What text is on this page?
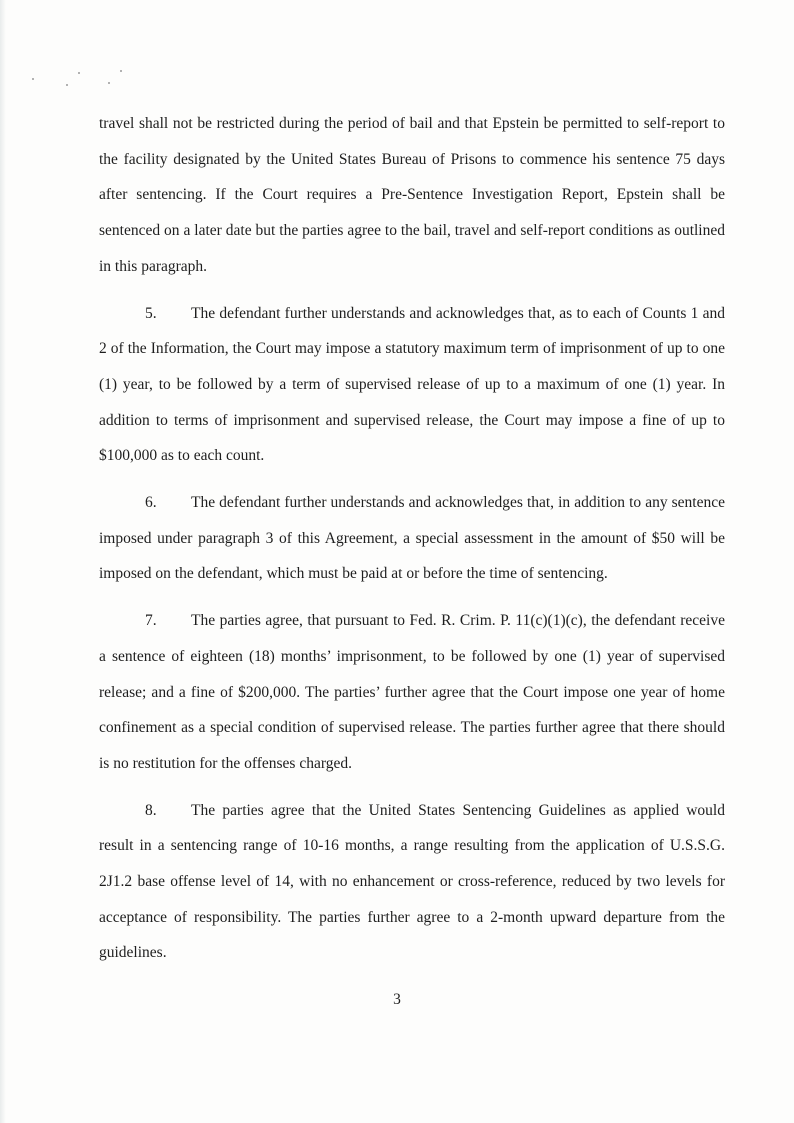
travel shall not be restricted during the period of bail and that Epstein be permitted to self-report to the facility designated by the United States Bureau of Prisons to commence his sentence 75 days after sentencing. If the Court requires a Pre-Sentence Investigation Report, Epstein shall be sentenced on a later date but the parties agree to the bail, travel and self-report conditions as outlined in this paragraph.

5. The defendant further understands and acknowledges that, as to each of Counts 1 and 2 of the Information, the Court may impose a statutory maximum term of imprisonment of up to one (1) year, to be followed by a term of supervised release of up to a maximum of one (1) year. In addition to terms of imprisonment and supervised release, the Court may impose a fine of up to $100,000 as to each count.

6. The defendant further understands and acknowledges that, in addition to any sentence imposed under paragraph 3 of this Agreement, a special assessment in the amount of $50 will be imposed on the defendant, which must be paid at or before the time of sentencing.

7. The parties agree, that pursuant to Fed. R. Crim. P. 11(c)(1)(c), the defendant receive a sentence of eighteen (18) months’ imprisonment, to be followed by one (1) year of supervised release; and a fine of $200,000. The parties’ further agree that the Court impose one year of home confinement as a special condition of supervised release. The parties further agree that there should is no restitution for the offenses charged.

8. The parties agree that the United States Sentencing Guidelines as applied would result in a sentencing range of 10-16 months, a range resulting from the application of U.S.S.G. 2J1.2 base offense level of 14, with no enhancement or cross-reference, reduced by two levels for acceptance of responsibility. The parties further agree to a 2-month upward departure from the guidelines.

3
